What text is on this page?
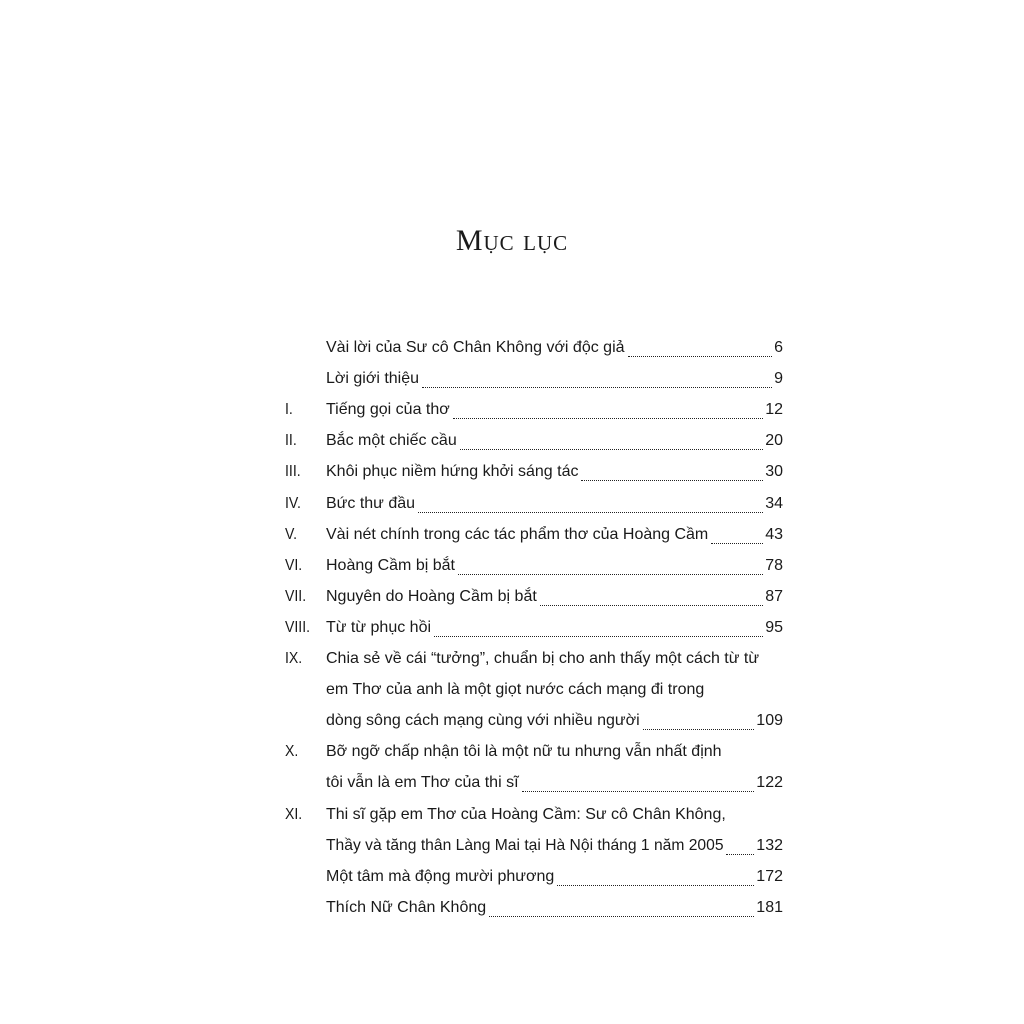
Mục lục
Vài lời của Sư cô Chân Không với độc giả	6
Lời giới thiệu	9
I. Tiếng gọi của thơ	12
II. Bắc một chiếc cầu	20
III. Khôi phục niềm hứng khởi sáng tác	30
IV. Bức thư đầu	34
V. Vài nét chính trong các tác phẩm thơ của Hoàng Cầm	43
VI. Hoàng Cầm bị bắt	78
VII. Nguyên do Hoàng Cầm bị bắt	87
VIII. Từ từ phục hồi	95
IX. Chia sẻ về cái “tưởng”, chuẩn bị cho anh thấy một cách từ từ
em Thơ của anh là một giọt nước cách mạng đi trong
dòng sông cách mạng cùng với nhiều người	109
X. Bỡ ngỡ chấp nhận tôi là một nữ tu nhưng vẫn nhất định
tôi vẫn là em Thơ của thi sĩ	122
XI. Thi sĩ gặp em Thơ của Hoàng Cầm: Sư cô Chân Không,
Thầy và tăng thân Làng Mai tại Hà Nội tháng 1 năm 2005 132
Một tâm mà động mười phương	172
Thích Nữ Chân Không	181
